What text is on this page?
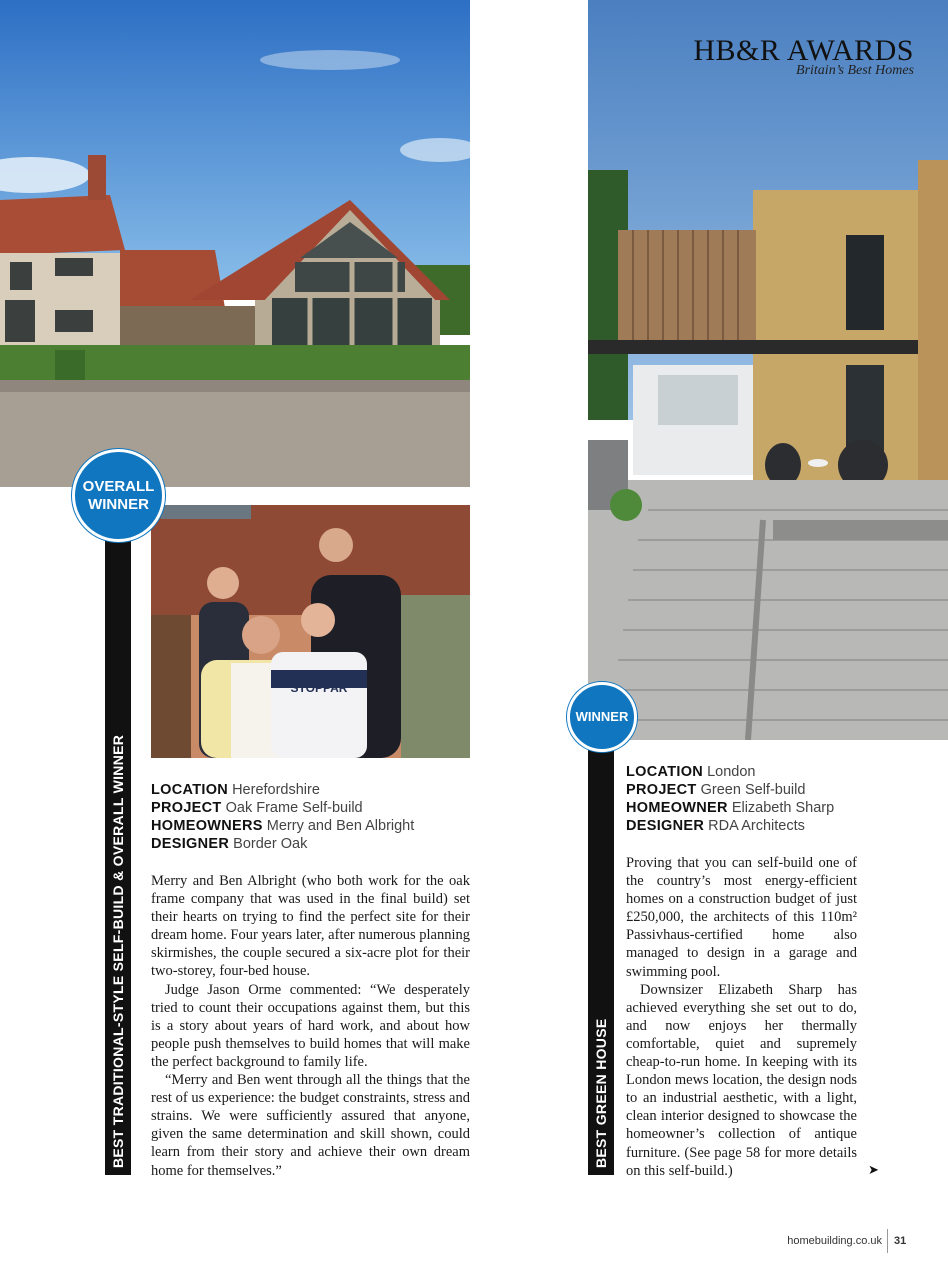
STOPPAR
HB&R AWARDS
Britain’s Best Homes
BEST TRADITIONAL-STYLE SELF-BUILD & OVERALL WINNER
OVERALL
WINNER
LOCATION Herefordshire
PROJECT Oak Frame Self-build
HOMEOWNERS Merry and Ben Albright
DESIGNER Border Oak

Merry and Ben Albright (who both work for the oak frame company that was used in the final build) set their hearts on trying to find the perfect site for their dream home. Four years later, after numerous planning skirmishes, the couple secured a six-acre plot for their two-storey, four-bed house.

Judge Jason Orme commented: “We desperately tried to count their occupations against them, but this is a story about years of hard work, and about how people push themselves to build homes that will make the perfect background to family life.

“Merry and Ben went through all the things that the rest of us experience: the budget constraints, stress and strains. We were sufficiently assured that anyone, given the same determination and skill shown, could learn from their story and achieve their own dream home for themselves.”

BEST GREEN HOUSE
WINNER
LOCATION London
PROJECT Green Self-build
HOMEOWNER Elizabeth Sharp
DESIGNER RDA Architects

Proving that you can self-build one of the country’s most energy-efficient homes on a construction budget of just £250,000, the architects of this 110m² Passivhaus-certified home also managed to design in a garage and swimming pool.

Downsizer Elizabeth Sharp has achieved everything she set out to do, and now enjoys her thermally comfortable, quiet and supremely cheap-to-run home. In keeping with its London mews location, the design nods to an industrial aesthetic, with a light, clean interior designed to showcase the homeowner’s collection of antique furniture. (See page 58 for more details on this self-build.)	➤
homebuilding.co.uk 31
